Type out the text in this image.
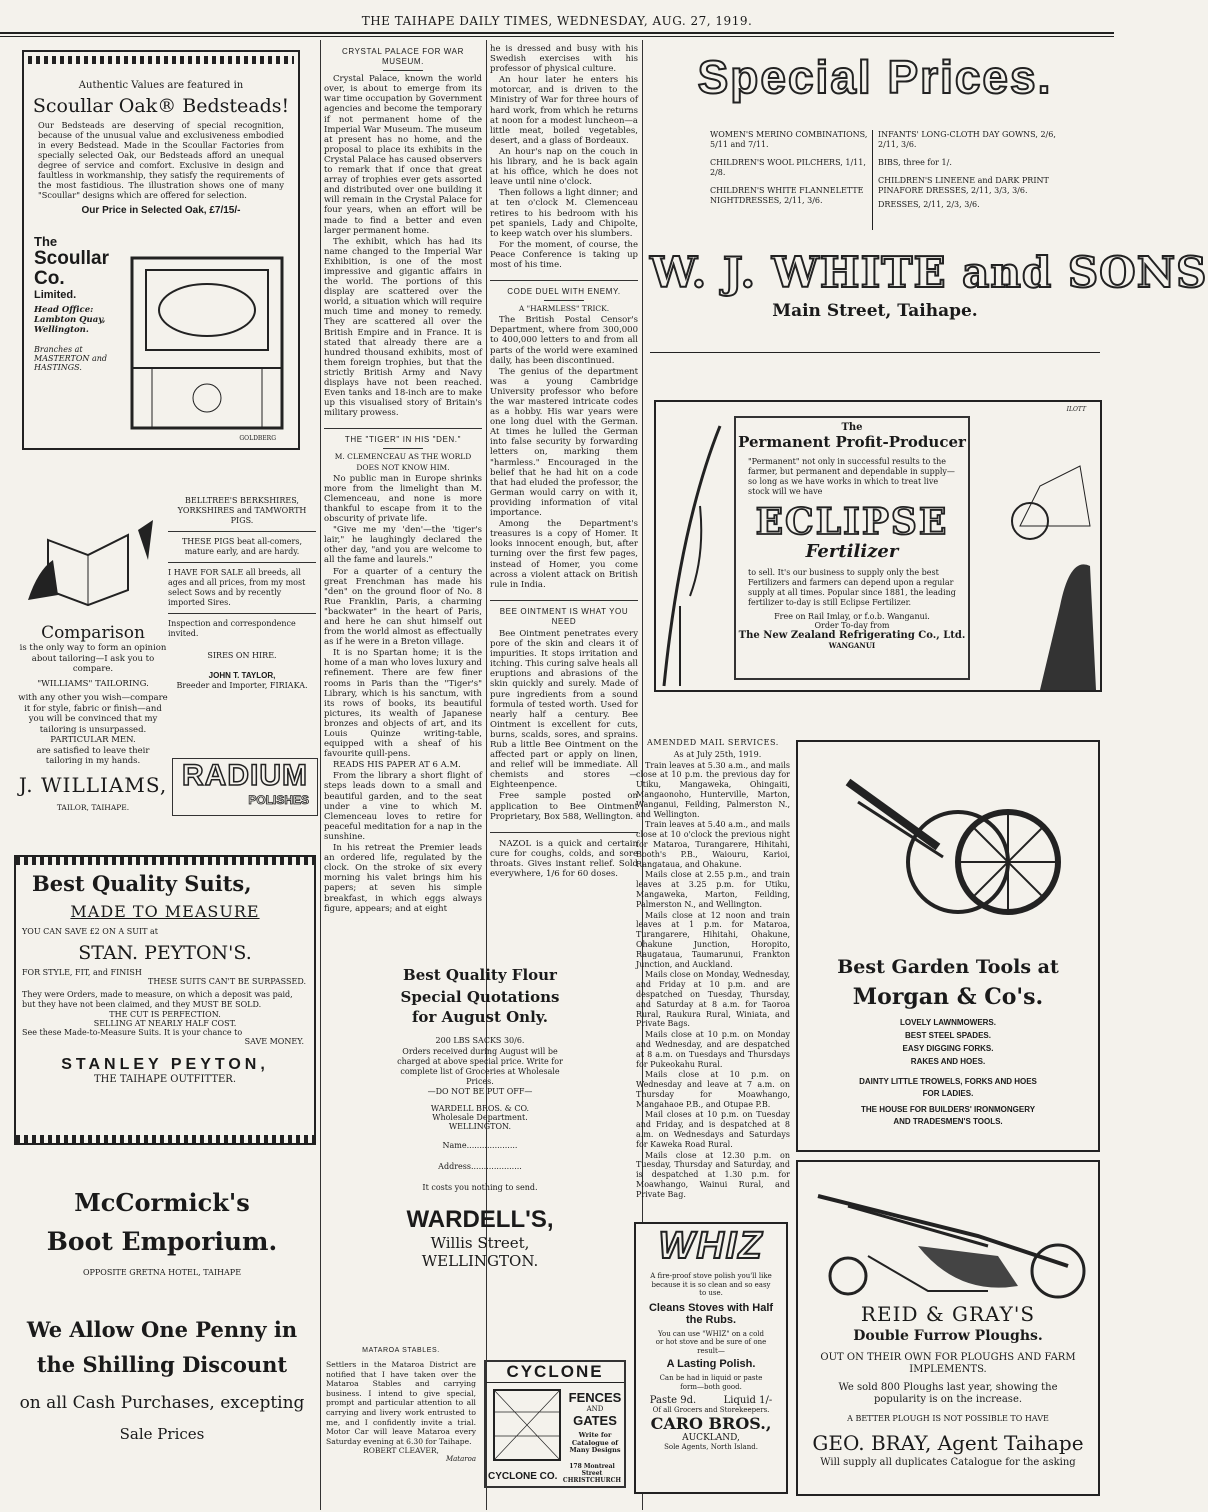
THE TAIHAPE DAILY TIMES, WEDNESDAY, AUG. 27, 1919.
Authentic Values are featured in
Scoullar Oak® Bedsteads!
Our Bedsteads are deserving of special recognition, because of the unusual value and exclusiveness embodied in every Bedstead. Made in the Scoullar Factories from specially selected Oak, our Bedsteads afford an unequal degree of service and comfort. Exclusive in design and faultless in workmanship, they satisfy the requirements of the most fastidious. The illustration shows one of many "Scoullar" designs which are offered for selection.
Our Price in Selected Oak, £7/15/-
The
Scoullar Co.
Limited.
Head Office: Lambton Quay, Wellington.
Branches at MASTERTON and HASTINGS.
GOLDBERG
Comparison
is the only way to form an opinion about tailoring—I ask you to compare.
"WILLIAMS" TAILORING.
with any other you wish—compare it for style, fabric or finish—and you will be convinced that my tailoring is unsurpassed.
PARTICULAR MEN.
are satisfied to leave their tailoring in my hands.
J. WILLIAMS,
TAILOR, TAIHAPE.
BELLTREE'S BERKSHIRES, YORKSHIRES and TAMWORTH PIGS.
THESE PIGS beat all-comers, mature early, and are hardy.
I HAVE FOR SALE all breeds, all ages and all prices, from my most select Sows and by recently imported Sires.
Inspection and correspondence invited.
SIRES ON HIRE.
JOHN T. TAYLOR,
Breeder and Importer, FIRIAKA.
RADIUM
POLISHES
Best Quality Suits,
MADE TO MEASURE
YOU CAN SAVE £2 ON A SUIT at
STAN. PEYTON'S.
FOR STYLE, FIT, and FINISH
THESE SUITS CAN'T BE SURPASSED.
They were Orders, made to measure, on which a deposit was paid, but they have not been claimed, and they MUST BE SOLD.
THE CUT IS PERFECTION.
SELLING AT NEARLY HALF COST.
See these Made-to-Measure Suits. It is your chance to
SAVE MONEY.
STANLEY PEYTON,
THE TAIHAPE OUTFITTER.
McCormick's
Boot Emporium.
OPPOSITE GRETNA HOTEL, TAIHAPE
We Allow One Penny in
the Shilling Discount
on all Cash Purchases, excepting
Sale Prices
CRYSTAL PALACE FOR WAR MUSEUM.

Crystal Palace, known the world over, is about to emerge from its war time occupation by Government agencies and become the temporary if not permanent home of the Imperial War Museum. The museum at present has no home, and the proposal to place its exhibits in the Crystal Palace has caused observers to remark that if once that great array of trophies ever gets assorted and distributed over one building it will remain in the Crystal Palace for four years, when an effort will be made to find a better and even larger permanent home.

The exhibit, which has had its name changed to the Imperial War Exhibition, is one of the most impressive and gigantic affairs in the world. The portions of this display are scattered over the world, a situation which will require much time and money to remedy. They are scattered all over the British Empire and in France. It is stated that already there are a hundred thousand exhibits, most of them foreign trophies, but that the strictly British Army and Navy displays have not been reached. Even tanks and 18-inch are to make up this visualised story of Britain's military prowess.

THE "TIGER" IN HIS "DEN."
M. CLEMENCEAU AS THE WORLD DOES NOT KNOW HIM.

No public man in Europe shrinks more from the limelight than M. Clemenceau, and none is more thankful to escape from it to the obscurity of private life.

"Give me my 'den'—the 'tiger's lair," he laughingly declared the other day, "and you are welcome to all the fame and laurels."

For a quarter of a century the great Frenchman has made his "den" on the ground floor of No. 8 Rue Franklin, Paris, a charming "backwater" in the heart of Paris, and here he can shut himself out from the world almost as effectually as if he were in a Breton village.

It is no Spartan home; it is the home of a man who loves luxury and refinement. There are few finer rooms in Paris than the "Tiger's" Library, which is his sanctum, with its rows of books, its beautiful pictures, its wealth of Japanese bronzes and objects of art, and its Louis Quinze writing-table, equipped with a sheaf of his favourite quill-pens.

READS HIS PAPER AT 6 A.M.

From the library a short flight of steps leads down to a small and beautiful garden, and to the seat under a vine to which M. Clemenceau loves to retire for peaceful meditation for a nap in the sunshine.

In his retreat the Premier leads an ordered life, regulated by the clock. On the stroke of six every morning his valet brings him his papers; at seven his simple breakfast, in which eggs always figure, appears; and at eight

he is dressed and busy with his Swedish exercises with his professor of physical culture.

An hour later he enters his motorcar, and is driven to the Ministry of War for three hours of hard work, from which he returns at noon for a modest luncheon—a little meat, boiled vegetables, desert, and a glass of Bordeaux.

An hour's nap on the couch in his library, and he is back again at his office, which he does not leave until nine o'clock.

Then follows a light dinner; and at ten o'clock M. Clemenceau retires to his bedroom with his pet spaniels, Lady and Chipolte, to keep watch over his slumbers.

For the moment, of course, the Peace Conference is taking up most of his time.

CODE DUEL WITH ENEMY.
A "HARMLESS" TRICK.

The British Postal Censor's Department, where from 300,000 to 400,000 letters to and from all parts of the world were examined daily, has been discontinued.

The genius of the department was a young Cambridge University professor who before the war mastered intricate codes as a hobby. His war years were one long duel with the German. At times he lulled the German into false security by forwarding letters on, marking them "harmless." Encouraged in the belief that he had hit on a code that had eluded the professor, the German would carry on with it, providing information of vital importance.

Among the Department's treasures is a copy of Homer. It looks innocent enough, but, after turning over the first few pages, instead of Homer, you come across a violent attack on British rule in India.

BEE OINTMENT IS WHAT YOU NEED

Bee Ointment penetrates every pore of the skin and clears it of impurities. It stops irritation and itching. This curing salve heals all eruptions and abrasions of the skin quickly and surely. Made of pure ingredients from a sound formula of tested worth. Used for nearly half a century. Bee Ointment is excellent for cuts, burns, scalds, sores, and sprains. Rub a little Bee Ointment on the affected part or apply on linen, and relief will be immediate. All chemists and stores —Eighteenpence.

Free sample posted on application to Bee Ointment Proprietary, Box 588, Wellington.

NAZOL is a quick and certain cure for coughs, colds, and sore throats. Gives instant relief. Sold everywhere, 1/6 for 60 doses.

Best Quality Flour
Special Quotations
for August Only.
200 LBS SACKS 30/6.
Orders received during August will be charged at above special price. Write for complete list of Groceries at Wholesale Prices.
—DO NOT BE PUT OFF—
WARDELL BROS. & CO.
Wholesale Department. WELLINGTON.
Name....................
Address....................
It costs you nothing to send.
WARDELL'S,
Willis Street,
WELLINGTON.
MATAROA STABLES.
Settlers in the Mataroa District are notified that I have taken over the Mataroa Stables and carrying business. I intend to give special, prompt and particular attention to all carrying and livery work entrusted to me, and I confidently invite a trial. Motor Car will leave Mataroa every Saturday evening at 6.30 for Taihape.
ROBERT CLEAVER,
Mataroa
CYCLONE
FENCES
AND
GATES
Write for Catalogue of Many Designs
CYCLONE CO.
178 Montreal Street CHRISTCHURCH
Special Prices.
WOMEN'S MERINO COMBINATIONS, 5/11 and 7/11.
CHILDREN'S WOOL PILCHERS, 1/11, 2/8.
CHILDREN'S WHITE FLANNELETTE NIGHTDRESSES, 2/11, 3/6.
INFANTS' LONG-CLOTH DAY GOWNS, 2/6, 2/11, 3/6.
BIBS, three for 1/.
CHILDREN'S LINEENE and DARK PRINT PINAFORE DRESSES, 2/11, 3/3, 3/6.
DRESSES, 2/11, 2/3, 3/6.
W. J. WHITE and SONS
Main Street, Taihape.
The
Permanent Profit-Producer
"Permanent" not only in successful results to the farmer, but permanent and dependable in supply—so long as we have works in which to treat live stock will we have
ECLIPSE
Fertilizer
to sell. It's our business to supply only the best Fertilizers and farmers can depend upon a regular supply at all times. Popular since 1881, the leading fertilizer to-day is still Eclipse Fertilizer.
Free on Rail Imlay, or f.o.b. Wanganui.
Order To-day from
The New Zealand Refrigerating Co., Ltd.
WANGANUI
ILOTT
AMENDED MAIL SERVICES.

As at July 25th, 1919.

Train leaves at 5.30 a.m., and mails close at 10 p.m. the previous day for Utiku, Mangaweka, Ohingaiti, Mangaonoho, Hunterville, Marton, Wanganui, Feilding, Palmerston N., and Wellington.

Train leaves at 5.40 a.m., and mails close at 10 o'clock the previous night for Mataroa, Turangarere, Hihitahi, Booth's P.B., Waiouru, Karioi, Rangataua, and Ohakune.

Mails close at 2.55 p.m., and train leaves at 3.25 p.m. for Utiku, Mangaweka, Marton, Feilding, Palmerston N., and Wellington.

Mails close at 12 noon and train leaves at 1 p.m. for Mataroa, Turangarere, Hihitahi, Ohakune, Ohakune Junction, Horopito, Raugataua, Taumarunui, Frankton Junction, and Auckland.

Mails close on Monday, Wednesday, and Friday at 10 p.m. and are despatched on Tuesday, Thursday, and Saturday at 8 a.m. for Taoroa Rural, Raukura Rural, Winiata, and Private Bags.

Mails close at 10 p.m. on Monday and Wednesday, and are despatched at 8 a.m. on Tuesdays and Thursdays for Pukeokahu Rural.

Mails close at 10 p.m. on Wednesday and leave at 7 a.m. on Thursday for Moawhango, Mangahaoe P.B., and Otupae P.B.

Mail closes at 10 p.m. on Tuesday and Friday, and is despatched at 8 a.m. on Wednesdays and Saturdays for Kaweka Road Rural.

Mails close at 12.30 p.m. on Tuesday, Thursday and Saturday, and is despatched at 1.30 p.m. for Moawhango, Wainui Rural, and Private Bag.

Best Garden Tools at
Morgan & Co's.
LOVELY LAWNMOWERS.
BEST STEEL SPADES.
EASY DIGGING FORKS.
RAKES AND HOES.
DAINTY LITTLE TROWELS, FORKS AND HOES FOR LADIES.
THE HOUSE FOR BUILDERS' IRONMONGERY AND TRADESMEN'S TOOLS.
WHIZ
A fire-proof stove polish you'll like because it is so clean and so easy to use.
Cleans Stoves with Half the Rubs.
You can use "WHIZ" on a cold or hot stove and be sure of one result—
A Lasting Polish.
Can be had in liquid or paste form—both good.
Paste 9d.	Liquid 1/-
Of all Grocers and Storekeepers.
CARO BROS.,
AUCKLAND,
Sole Agents, North Island.
REID & GRAY'S
Double Furrow Ploughs.
OUT ON THEIR OWN FOR PLOUGHS AND FARM IMPLEMENTS.
We sold 800 Ploughs last year, showing the popularity is on the increase.
A BETTER PLOUGH IS NOT POSSIBLE TO HAVE
GEO. BRAY, Agent Taihape
Will supply all duplicates Catalogue for the asking
